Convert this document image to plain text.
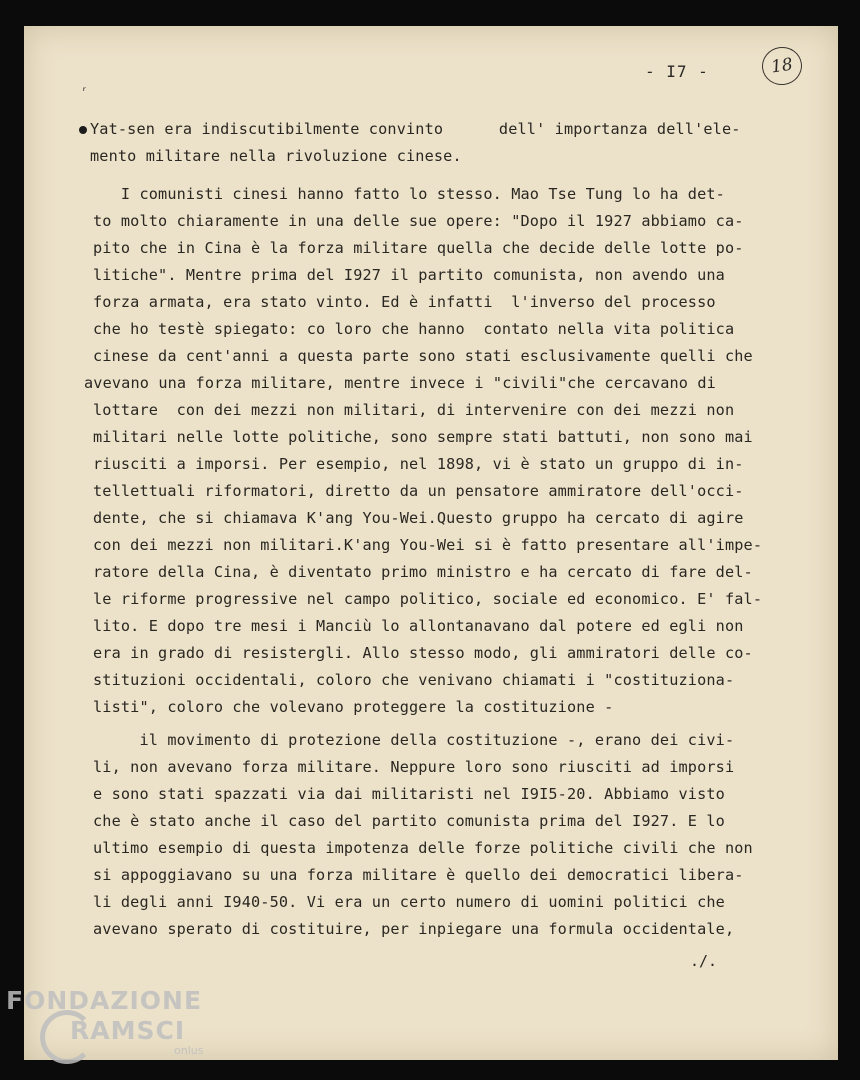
ʳ
- I7 -	18
Yat-sen era indiscutibilmente convinto      dell' importanza dell'ele-
mento militare nella rivoluzione cinese.
I comunisti cinesi hanno fatto lo stesso. Mao Tse Tung lo ha det-
to molto chiaramente in una delle sue opere: "Dopo il 1927 abbiamo ca-
pito che in Cina è la forza militare quella che decide delle lotte po-
litiche". Mentre prima del I927 il partito comunista, non avendo una
forza armata, era stato vinto. Ed è infatti  l'inverso del processo
che ho testè spiegato: co loro che hanno  contato nella vita politica
cinese da cent'anni a questa parte sono stati esclusivamente quelli che
avevano una forza militare, mentre invece i "civili"che cercavano di
lottare  con dei mezzi non militari, di intervenire con dei mezzi non
militari nelle lotte politiche, sono sempre stati battuti, non sono mai
riusciti a imporsi. Per esempio, nel 1898, vi è stato un gruppo di in-
tellettuali riformatori, diretto da un pensatore ammiratore dell'occi-
dente, che si chiamava K'ang You-Wei.Questo gruppo ha cercato di agire
con dei mezzi non militari.K'ang You-Wei si è fatto presentare all'impe-
ratore della Cina, è diventato primo ministro e ha cercato di fare del-
le riforme progressive nel campo politico, sociale ed economico. E' fal-
lito. E dopo tre mesi i Manciù lo allontanavano dal potere ed egli non
era in grado di resistergli. Allo stesso modo, gli ammiratori delle co-
stituzioni occidentali, coloro che venivano chiamati i "costituziona-
listi", coloro che volevano proteggere la costituzione -
il movimento di protezione della costituzione -, erano dei civi-
li, non avevano forza militare. Neppure loro sono riusciti ad imporsi
e sono stati spazzati via dai militaristi nel I9I5-20. Abbiamo visto
che è stato anche il caso del partito comunista prima del I927. E lo
ultimo esempio di questa impotenza delle forze politiche civili che non
si appoggiavano su una forza militare è quello dei democratici libera-
li degli anni I940-50. Vi era un certo numero di uomini politici che
avevano sperato di costituire, per inpiegare una formula occidentale,
./.
FONDAZIONE
RAMSCI
onlus
